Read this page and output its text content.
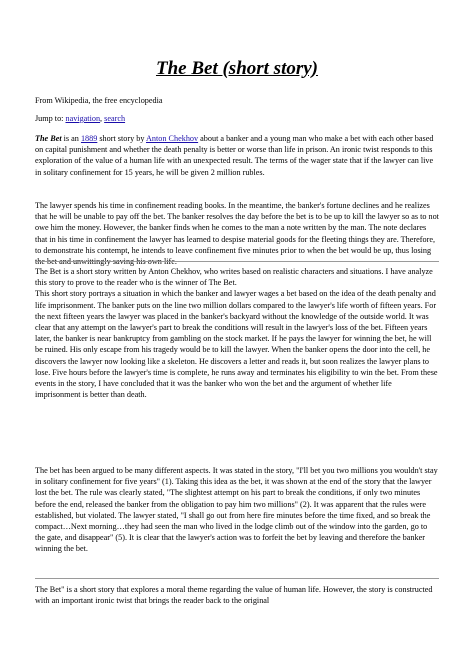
The Bet (short story)
From Wikipedia, the free encyclopedia
Jump to: navigation, search
The Bet is an 1889 short story by Anton Chekhov about a banker and a young man who make a bet with each other based on capital punishment and whether the death penalty is better or worse than life in prison. An ironic twist responds to this exploration of the value of a human life with an unexpected result. The terms of the wager state that if the lawyer can live in solitary confinement for 15 years, he will be given 2 million rubles.
The lawyer spends his time in confinement reading books. In the meantime, the banker's fortune declines and he realizes that he will be unable to pay off the bet. The banker resolves the day before the bet is to be up to kill the lawyer so as to not owe him the money. However, the banker finds when he comes to the man a note written by the man. The note declares that in his time in confinement the lawyer has learned to despise material goods for the fleeting things they are. Therefore, to demonstrate his contempt, he intends to leave confinement five minutes prior to when the bet would be up, thus losing the bet and unwittingly saving his own life.

The Bet is a short story written by Anton Chekhov, who writes based on realistic characters and situations. I have analyze this story to prove to the reader who is the winner of The Bet.

This short story portrays a situation in which the banker and lawyer wages a bet based on the idea of the death penalty and life imprisonment. The banker puts on the line two million dollars compared to the lawyer's life worth of fifteen years. For the next fifteen years the lawyer was placed in the banker's backyard without the knowledge of the outside world. It was clear that any attempt on the lawyer's part to break the conditions will result in the lawyer's loss of the bet. Fifteen years later, the banker is near bankruptcy from gambling on the stock market. If he pays the lawyer for winning the bet, he will be ruined. His only escape from his tragedy would be to kill the lawyer. When the banker opens the door into the cell, he discovers the lawyer now looking like a skeleton. He discovers a letter and reads it, but soon realizes the lawyer plans to lose. Five hours before the lawyer's time is complete, he runs away and terminates his eligibility to win the bet. From these events in the story, I have concluded that it was the banker who won the bet and the argument of whether life imprisonment is better than death.

The bet has been argued to be many different aspects. It was stated in the story, "I'll bet you two millions you wouldn't stay in solitary confinement for five years" (1). Taking this idea as the bet, it was shown at the end of the story that the lawyer lost the bet. The rule was clearly stated, "The slightest attempt on his part to break the conditions, if only two minutes before the end, released the banker from the obligation to pay him two millions" (2). It was apparent that the rules were established, but violated. The lawyer stated, "I shall go out from here fire minutes before the time fixed, and so break the compact…Next morning…they had seen the man who lived in the lodge climb out of the window into the garden, go to the gate, and disappear" (5). It is clear that the lawyer's action was to forfeit the bet by leaving and therefore the banker winning the bet.
The Bet" is a short story that explores a moral theme regarding the value of human life. However, the story is constructed with an important ironic twist that brings the reader back to the original
